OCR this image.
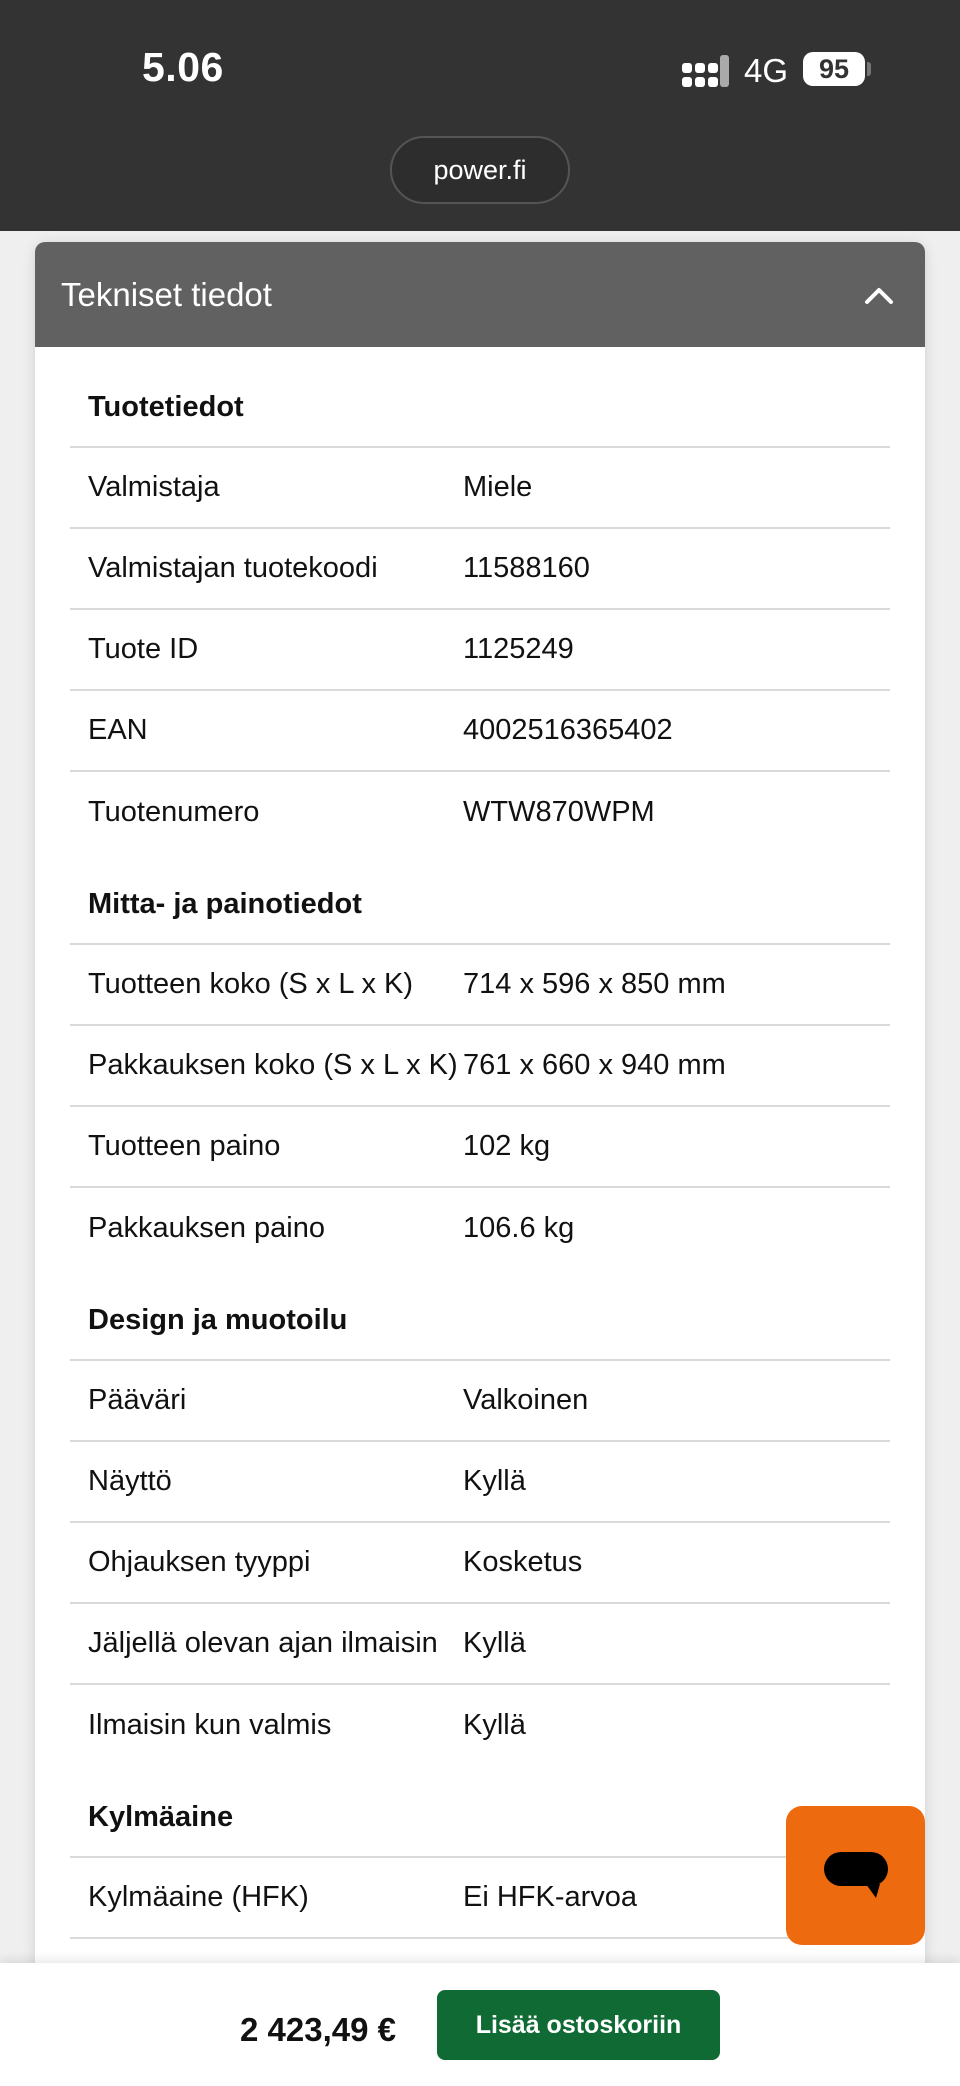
5.06	4G	95
power.fi
Tekniset tiedot
Tuotetiedot
Valmistaja	Miele
Valmistajan tuotekoodi	11588160
Tuote ID	1125249
EAN	4002516365402
Tuotenumero	WTW870WPM
Mitta- ja painotiedot
Tuotteen koko (S x L x K)	714 x 596 x 850 mm
Pakkauksen koko (S x L x K) 761 x 660 x 940 mm
Tuotteen paino	102 kg
Pakkauksen paino	106.6 kg
Design ja muotoilu
Pääväri	Valkoinen
Näyttö	Kyllä
Ohjauksen tyyppi	Kosketus
Jäljellä olevan ajan ilmaisin Kyllä
Ilmaisin kun valmis	Kyllä
Kylmäaine
Kylmäaine (HFK)	Ei HFK-arvoa
2 423,49 €	Lisää ostoskoriin
